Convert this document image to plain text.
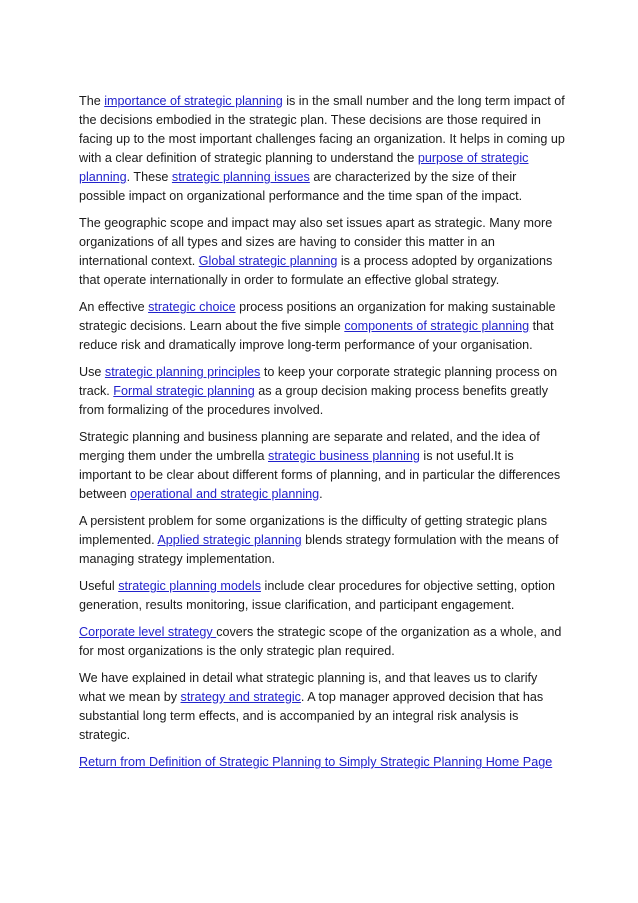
The importance of strategic planning is in the small number and the long term impact of the decisions embodied in the strategic plan. These decisions are those required in facing up to the most important challenges facing an organization. It helps in coming up with a clear definition of strategic planning to understand the purpose of strategic planning. These strategic planning issues are characterized by the size of their possible impact on organizational performance and the time span of the impact.

The geographic scope and impact may also set issues apart as strategic. Many more organizations of all types and sizes are having to consider this matter in an international context. Global strategic planning is a process adopted by organizations that operate internationally in order to formulate an effective global strategy.

An effective strategic choice process positions an organization for making sustainable strategic decisions. Learn about the five simple components of strategic planning that reduce risk and dramatically improve long-term performance of your organisation.

Use strategic planning principles to keep your corporate strategic planning process on track. Formal strategic planning as a group decision making process benefits greatly from formalizing of the procedures involved.

Strategic planning and business planning are separate and related, and the idea of merging them under the umbrella strategic business planning is not useful.It is important to be clear about different forms of planning, and in particular the differences between operational and strategic planning.

A persistent problem for some organizations is the difficulty of getting strategic plans implemented. Applied strategic planning blends strategy formulation with the means of managing strategy implementation.

Useful strategic planning models include clear procedures for objective setting, option generation, results monitoring, issue clarification, and participant engagement.

Corporate level strategy covers the strategic scope of the organization as a whole, and for most organizations is the only strategic plan required.

We have explained in detail what strategic planning is, and that leaves us to clarify what we mean by strategy and strategic. A top manager approved decision that has substantial long term effects, and is accompanied by an integral risk analysis is strategic.

Return from Definition of Strategic Planning to Simply Strategic Planning Home Page
